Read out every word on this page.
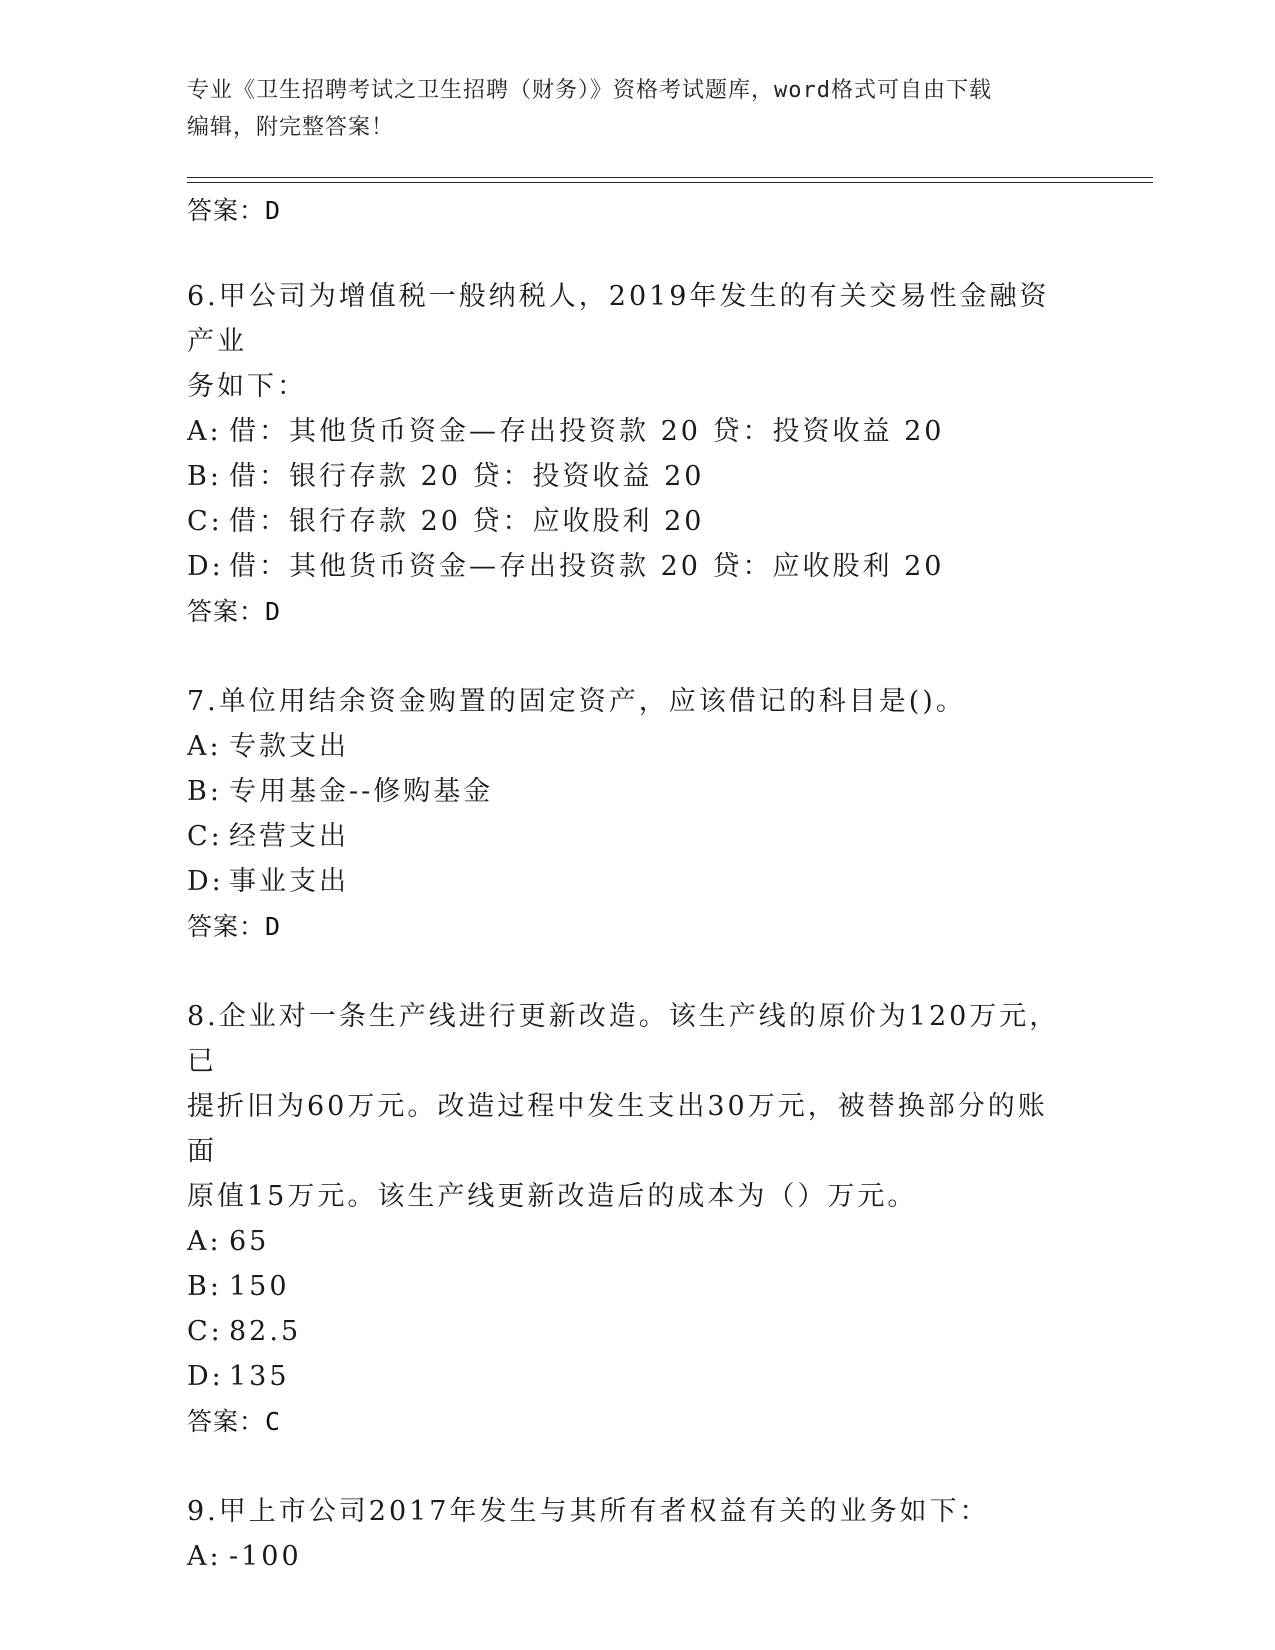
专业《卫生招聘考试之卫生招聘（财务）》资格考试题库，word格式可自由下载
编辑，附完整答案！
答案：D
6.甲公司为增值税一般纳税人，2019年发生的有关交易性金融资产业
务如下：
A: 借：其他货币资金—存出投资款 20 贷：投资收益 20
B: 借：银行存款 20 贷：投资收益 20
C: 借：银行存款 20 贷：应收股利 20
D: 借：其他货币资金—存出投资款 20 贷：应收股利 20
答案：D
7.单位用结余资金购置的固定资产，应该借记的科目是()。
A: 专款支出
B: 专用基金--修购基金
C: 经营支出
D: 事业支出
答案：D
8.企业对一条生产线进行更新改造。该生产线的原价为120万元，已
提折旧为60万元。改造过程中发生支出30万元，被替换部分的账面
原值15万元。该生产线更新改造后的成本为（）万元。
A: 65
B: 150
C: 82.5
D: 135
答案：C
9.甲上市公司2017年发生与其所有者权益有关的业务如下：
A: -100
